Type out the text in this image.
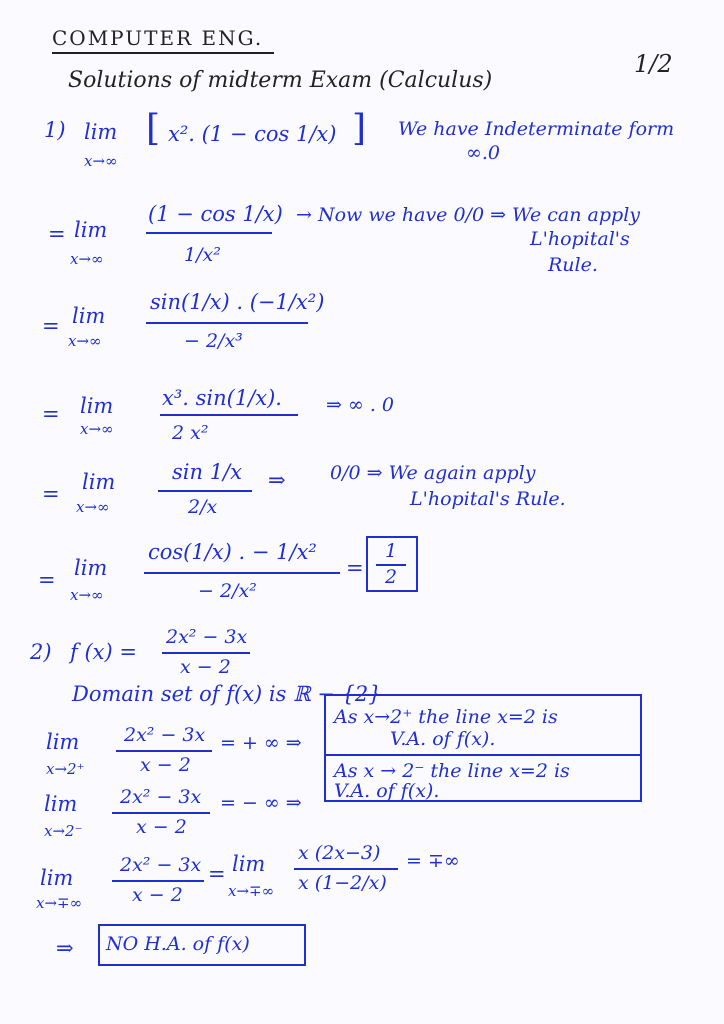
COMPUTER ENG.
Solutions of midterm Exam (Calculus)
1/2
1) lim
x→∞
[ x². (1 − cos 1/x) ] We have Indeterminate form
∞.0
= lim
x→∞
(1 − cos 1/x)
1/x²
→ Now we have 0/0 ⇒ We can apply
L'hopital's
Rule.
= lim
x→∞
sin(1/x) . (−1/x²)
− 2/x³
= lim
x→∞
x³. sin(1/x).
2 x²
⇒ ∞ . 0
= lim
x→∞
sin 1/x
2/x
⇒ 0/0 ⇒ We again apply
L'hopital's Rule.
= lim
x→∞
cos(1/x) . − 1/x²
− 2/x²
=
1
2
2) f (x) =
2x² − 3x
x − 2
Domain set of f(x) is ℝ − {2}
lim
x→2⁺
2x² − 3x
x − 2
= + ∞ ⇒
lim
x→2⁻
2x² − 3x
x − 2
= − ∞ ⇒
As x→2⁺ the line x=2 is
V.A. of f(x).
As x → 2⁻ the line x=2 is
V.A. of f(x).
lim
x→∓∞
2x² − 3x
x − 2
= lim
x→∓∞
x (2x−3)
x (1−2/x)
= ∓∞
⇒ NO H.A. of f(x)
